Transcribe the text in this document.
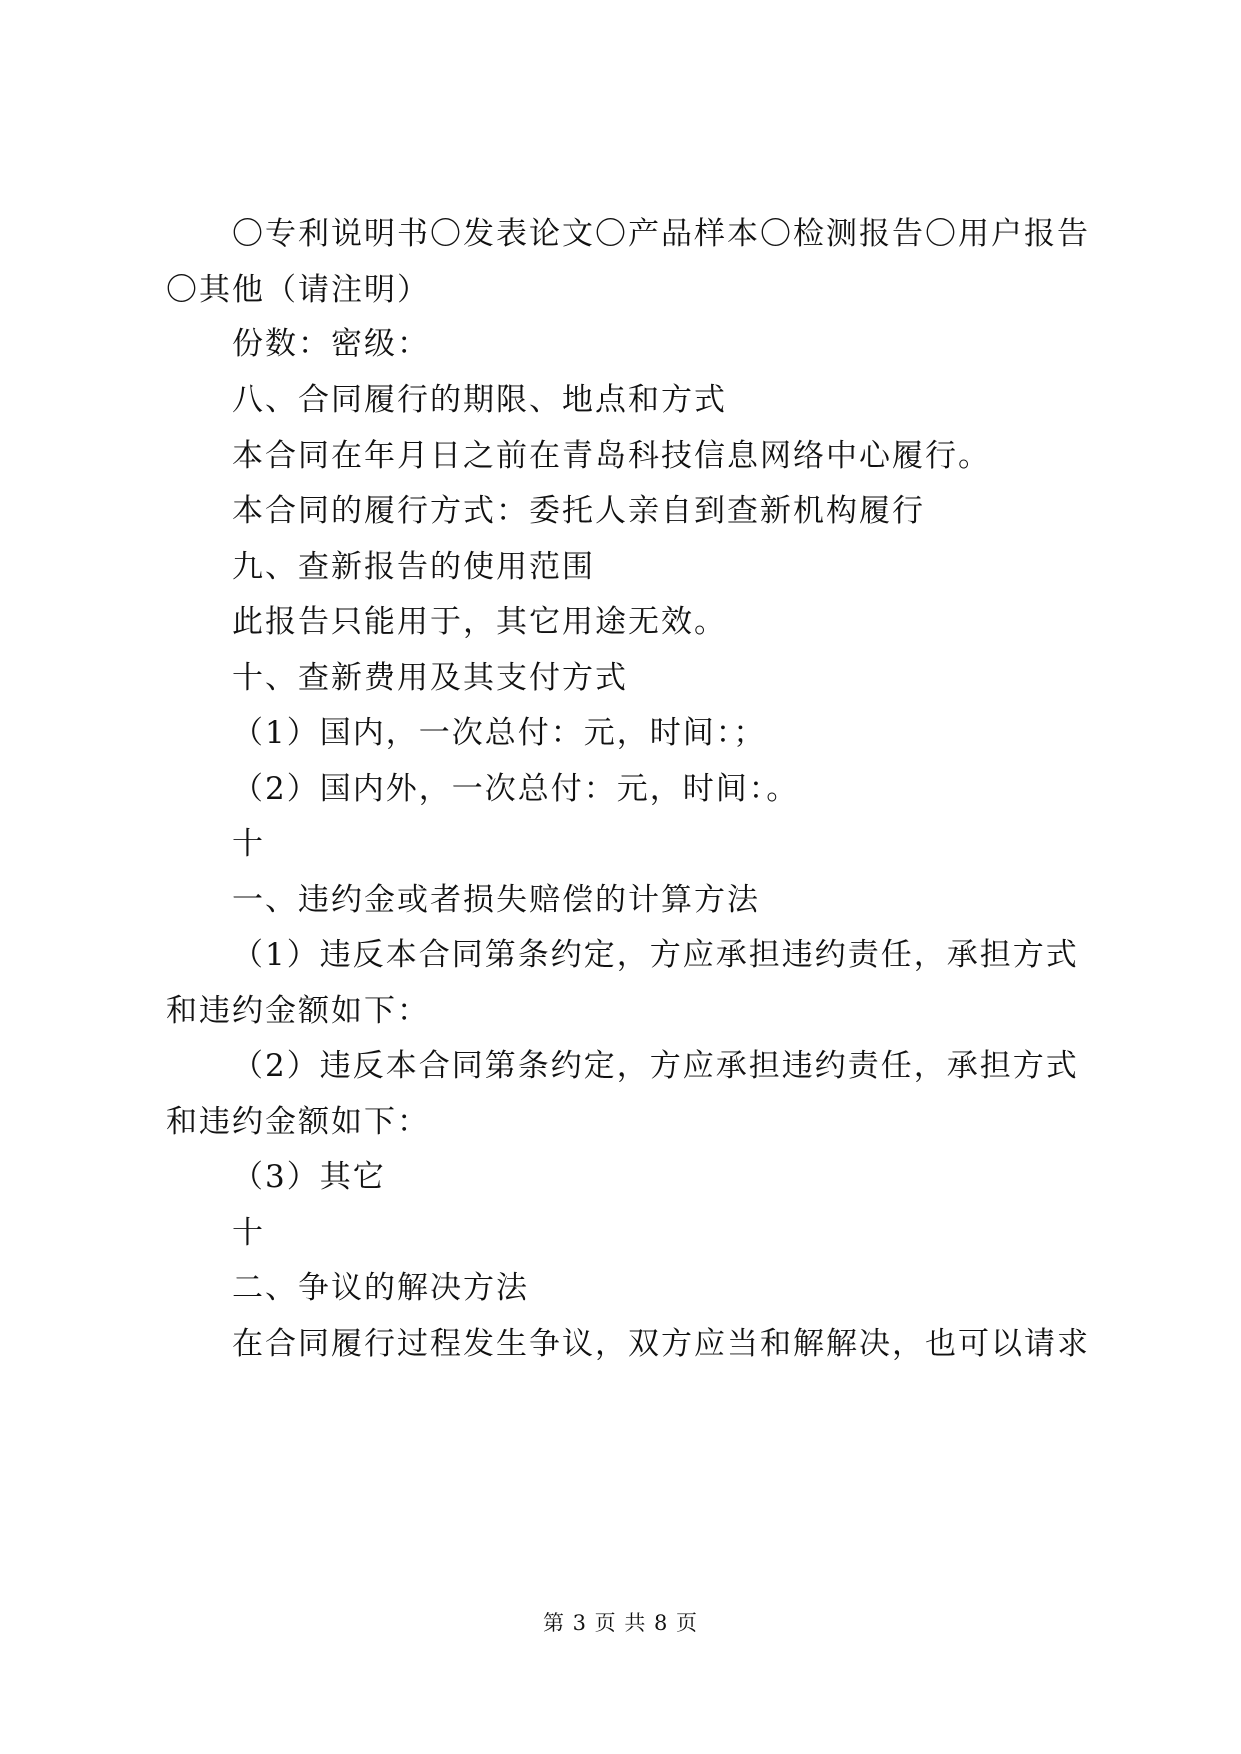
〇专利说明书〇发表论文〇产品样本〇检测报告〇用户报告
〇其他（请注明）
份数：密级：
八、合同履行的期限、地点和方式
本合同在年月日之前在青岛科技信息网络中心履行。
本合同的履行方式：委托人亲自到查新机构履行
九、查新报告的使用范围
此报告只能用于，其它用途无效。
十、查新费用及其支付方式
（1）国内，一次总付：元，时间：；
（2）国内外，一次总付：元，时间：。
十
一、违约金或者损失赔偿的计算方法
（1）违反本合同第条约定，方应承担违约责任，承担方式
和违约金额如下：
（2）违反本合同第条约定，方应承担违约责任，承担方式
和违约金额如下：
（3）其它
十
二、争议的解决方法
在合同履行过程发生争议，双方应当和解解决，也可以请求
第 3 页 共 8 页
